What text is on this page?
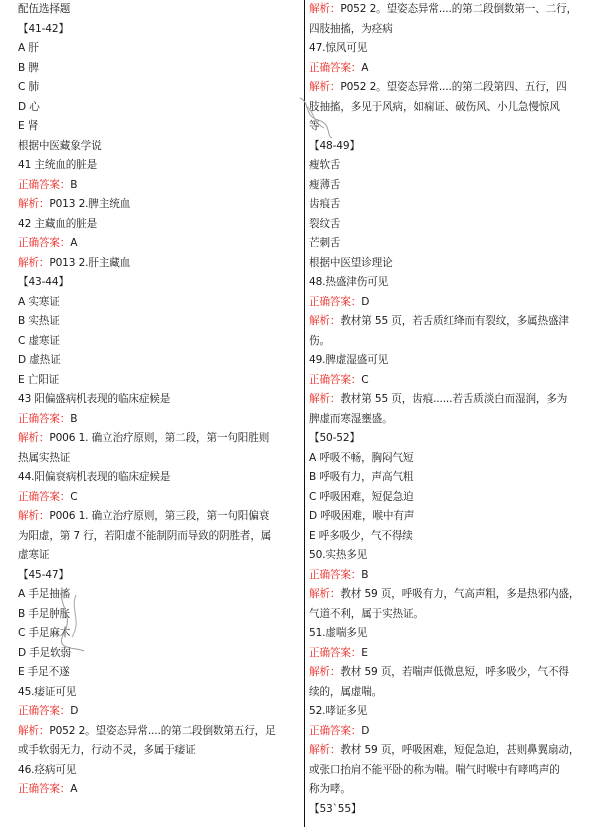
配伍选择题
【41-42】
A 肝
B 脾
C 肺
D 心
E 肾
根据中医藏象学说
41 主统血的脏是
正确答案：B
解析：P013 2.脾主统血
42 主藏血的脏是
正确答案：A
解析：P013 2.肝主藏血
【43-44】
A 实寒证
B 实热证
C 虚寒证
D 虚热证
E 亡阳证
43 阳偏盛病机表现的临床症候是
正确答案：B
解析：P006 1. 确立治疗原则，第二段，第一句阳胜则
热属实热证
44.阳偏衰病机表现的临床症候是
正确答案：C
解析：P006 1. 确立治疗原则，第三段，第一句阳偏衰
为阳虚，第 7 行，若阳虚不能制阴而导致的阴胜者，属
虚寒证
【45-47】
A 手足抽搐
B 手足肿胀
C 手足麻木
D 手足软弱
E 手足不遂
45.痿证可见
正确答案：D
解析：P052 2。望姿态异常....的第二段倒数第五行，足
或手软弱无力，行动不灵，多属于痿证
46.痉病可见
正确答案：A
解析：P052 2。望姿态异常....的第二段倒数第一、二行，
四肢抽搐，为痉病
47.惊风可见
正确答案：A
解析：P052 2。望姿态异常....的第二段第四、五行，四
肢抽搐，多见于风病，如痫证、破伤风、小儿急慢惊风
等
【48-49】
瘦软舌
瘦薄舌
齿痕舌
裂纹舌
芒刺舌
根据中医望诊理论
48.热盛津伤可见
正确答案：D
解析：教材第 55 页，若舌质红绛而有裂纹，多属热盛津
伤。
49.脾虚湿盛可见
正确答案：C
解析：教材第 55 页，齿痕......若舌质淡白而湿润，多为
脾虚而寒湿壅盛。
【50-52】
A 呼吸不畅，胸闷气短
B 呼吸有力，声高气粗
C 呼吸困难，短促急迫
D 呼吸困难，喉中有声
E 呼多吸少，气不得续
50.实热多见
正确答案：B
解析：教材 59 页，呼吸有力，气高声粗，多是热邪内盛，
气道不利，属于实热证。
51.虚喘多见
正确答案：E
解析：教材 59 页，若喘声低微息短，呼多吸少，气不得
续的，属虚喘。
52.哮证多见
正确答案：D
解析：教材 59 页，呼吸困难，短促急迫，甚则鼻翼扇动，
或张口抬肩不能平卧的称为喘。喘气时喉中有哮鸣声的
称为哮。
【53`55】
